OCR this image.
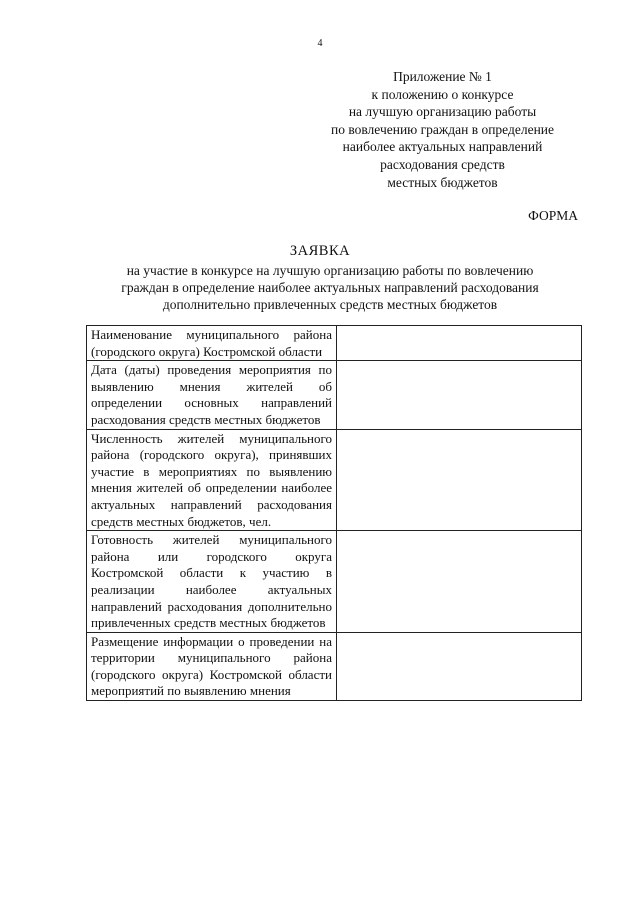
4
Приложение № 1
к положению о конкурсе
на лучшую организацию работы
по вовлечению граждан в определение
наиболее актуальных направлений
расходования средств
местных бюджетов
ФОРМА
ЗАЯВКА
на участие в конкурсе на лучшую организацию работы по вовлечению
граждан в определение наиболее актуальных направлений расходования
дополнительно привлеченных средств местных бюджетов
Наименование муниципального района (городского округа) Костромской области	
Дата (даты) проведения мероприятия по выявлению мнения жителей об определении основных направлений расходования средств местных бюджетов	
Численность жителей муниципального района (городского округа), принявших участие в мероприятиях по выявлению мнения жителей об определении наиболее актуальных направлений расходования средств местных бюджетов, чел.	
Готовность жителей муниципального района или городского округа Костромской области к участию в реализации наиболее актуальных направлений расходования дополнительно привлеченных средств местных бюджетов	
Размещение информации о проведении на территории муниципального района (городского округа) Костромской области мероприятий по выявлению мнения	
